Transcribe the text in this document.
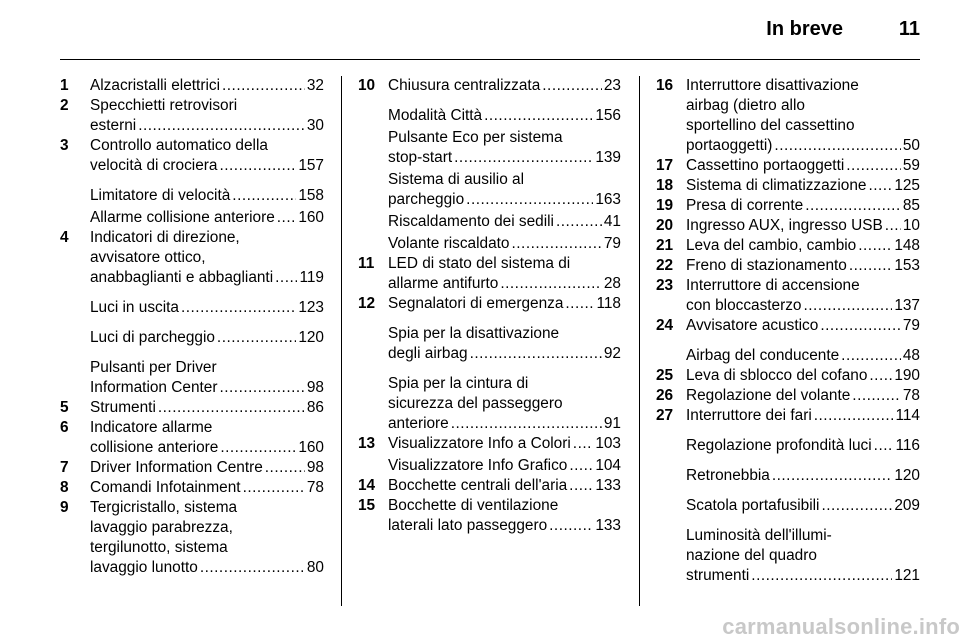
In breve	11
1	Alzacristalli elettrici .....	32
2	Specchietti retrovisori
esterni .....	30
3	Controllo automatico della
velocità di crociera .....	157
Limitatore di velocità .....	158
Allarme collisione anteriore ..... 160
4	Indicatori di direzione,
avvisatore ottico,
anabbaglianti e abbaglianti ..... 119
Luci in uscita .....	123
Luci di parcheggio .....	120
Pulsanti per Driver
Information Center .....	98
5	Strumenti .....	86
6	Indicatore allarme
collisione anteriore .....	160
7	Driver Information Centre .....	98
8	Comandi Infotainment .....	78
9	Tergicristallo, sistema
lavaggio parabrezza,
tergilunotto, sistema
lavaggio lunotto .....	80
10 Chiusura centralizzata .....	23
Modalità Città .....	156
Pulsante Eco per sistema
stop-start .....	139
Sistema di ausilio al
parcheggio .....	163
Riscaldamento dei sedili .....	41
Volante riscaldato .....	79
11 LED di stato del sistema di
allarme antifurto .....	28
12 Segnalatori di emergenza ..... 118
Spia per la disattivazione
degli airbag .....	92
Spia per la cintura di
sicurezza del passeggero
anteriore .....	91
13 Visualizzatore Info a Colori ..... 103
Visualizzatore Info Grafico ..... 104
14 Bocchette centrali dell'aria ..... 133
15 Bocchette di ventilazione
laterali lato passeggero .....	133
16 Interruttore disattivazione
airbag (dietro allo
sportellino del cassettino
portaoggetti) .....	50
17 Cassettino portaoggetti .....	59
18 Sistema di climatizzazione ..... 125
19 Presa di corrente .....	85
20 Ingresso AUX, ingresso USB ..... 10
21 Leva del cambio, cambio ..... 148
22 Freno di stazionamento .....	153
23 Interruttore di accensione
con bloccasterzo .....	137
24 Avvisatore acustico .....	79
Airbag del conducente .....	48
25 Leva di sblocco del cofano ..... 190
26 Regolazione del volante .....	78
27 Interruttore dei fari .....	114
Regolazione profondità luci ..... 116
Retronebbia .....	120
Scatola portafusibili .....	209
Luminosità dell'illumi-
nazione del quadro
strumenti .....	121
carmanualsonline.info
